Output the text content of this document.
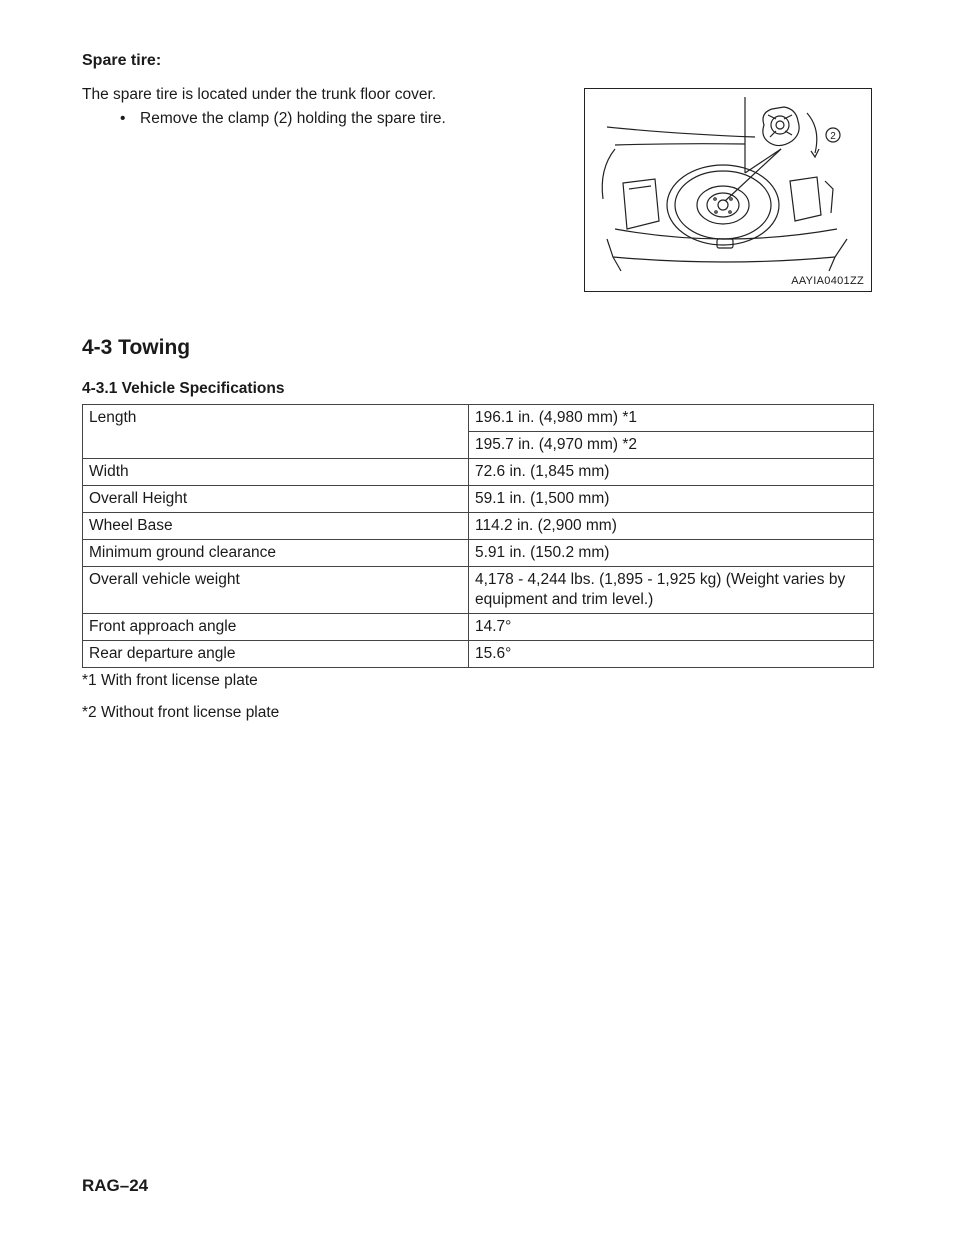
Spare tire:
The spare tire is located under the trunk floor cover.
• Remove the clamp (2) holding the spare tire.
2
AAYIA0401ZZ
4-3 Towing
4-3.1 Vehicle Specifications
Length	196.1 in. (4,980 mm) *1
	195.7 in. (4,970 mm) *2
Width	72.6 in. (1,845 mm)
Overall Height	59.1 in. (1,500 mm)
Wheel Base	114.2 in. (2,900 mm)
Minimum ground clearance	5.91 in. (150.2 mm)
Overall vehicle weight	4,178 - 4,244 lbs. (1,895 - 1,925 kg) (Weight varies by equipment and trim level.)
Front approach angle	14.7°
Rear departure angle	15.6°
*1 With front license plate
*2 Without front license plate
RAG–24
